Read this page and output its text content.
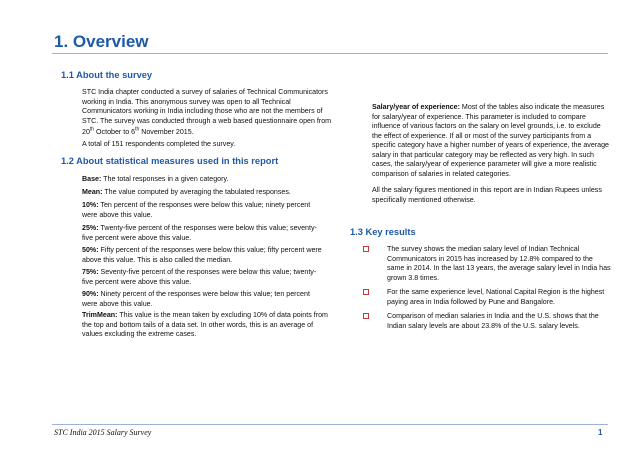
1. Overview
1.1 About the survey
STC India chapter conducted a survey of salaries of Technical Communicators working in India. This anonymous survey was open to all Technical Communicators working in India including those who are not the members of STC. The survey was conducted through a web based questionnaire open from 20th October to 6th November 2015.
A total of 151 respondents completed the survey.
1.2 About statistical measures used in this report
Base: The total responses in a given category.
Mean: The value computed by averaging the tabulated responses.
10%: Ten percent of the responses were below this value; ninety percent were above this value.
25%: Twenty-five percent of the responses were below this value; seventy-five percent were above this value.
50%: Fifty percent of the responses were below this value; fifty percent were above this value. This is also called the median.
75%: Seventy-five percent of the responses were below this value; twenty-five percent were above this value.
90%: Ninety percent of the responses were below this value; ten percent were above this value.
TrimMean: This value is the mean taken by excluding 10% of data points from the top and bottom tails of a data set. In other words, this is an average of values excluding the extreme cases.
Salary/year of experience: Most of the tables also indicate the measures for salary/year of experience. This parameter is included to compare influence of various factors on the salary on level grounds, i.e. to exclude the effect of experience. If all or most of the survey participants from a specific category have a higher number of years of experience, the average salary in that particular category may be reflected as very high. In such cases, the salary/year of experience parameter will give a more realistic comparison of salaries in related categories.
All the salary figures mentioned in this report are in Indian Rupees unless specifically mentioned otherwise.
1.3 Key results
The survey shows the median salary level of Indian Technical Communicators in 2015 has increased by 12.8% compared to the same in 2014. In the last 13 years, the average salary level in India has grown 3.8 times.
For the same experience level, National Capital Region is the highest paying area in India followed by Pune and Bangalore.
Comparison of median salaries in India and the U.S. shows that the Indian salary levels are about 23.8% of the U.S. salary levels.
STC India 2015 Salary Survey	1
